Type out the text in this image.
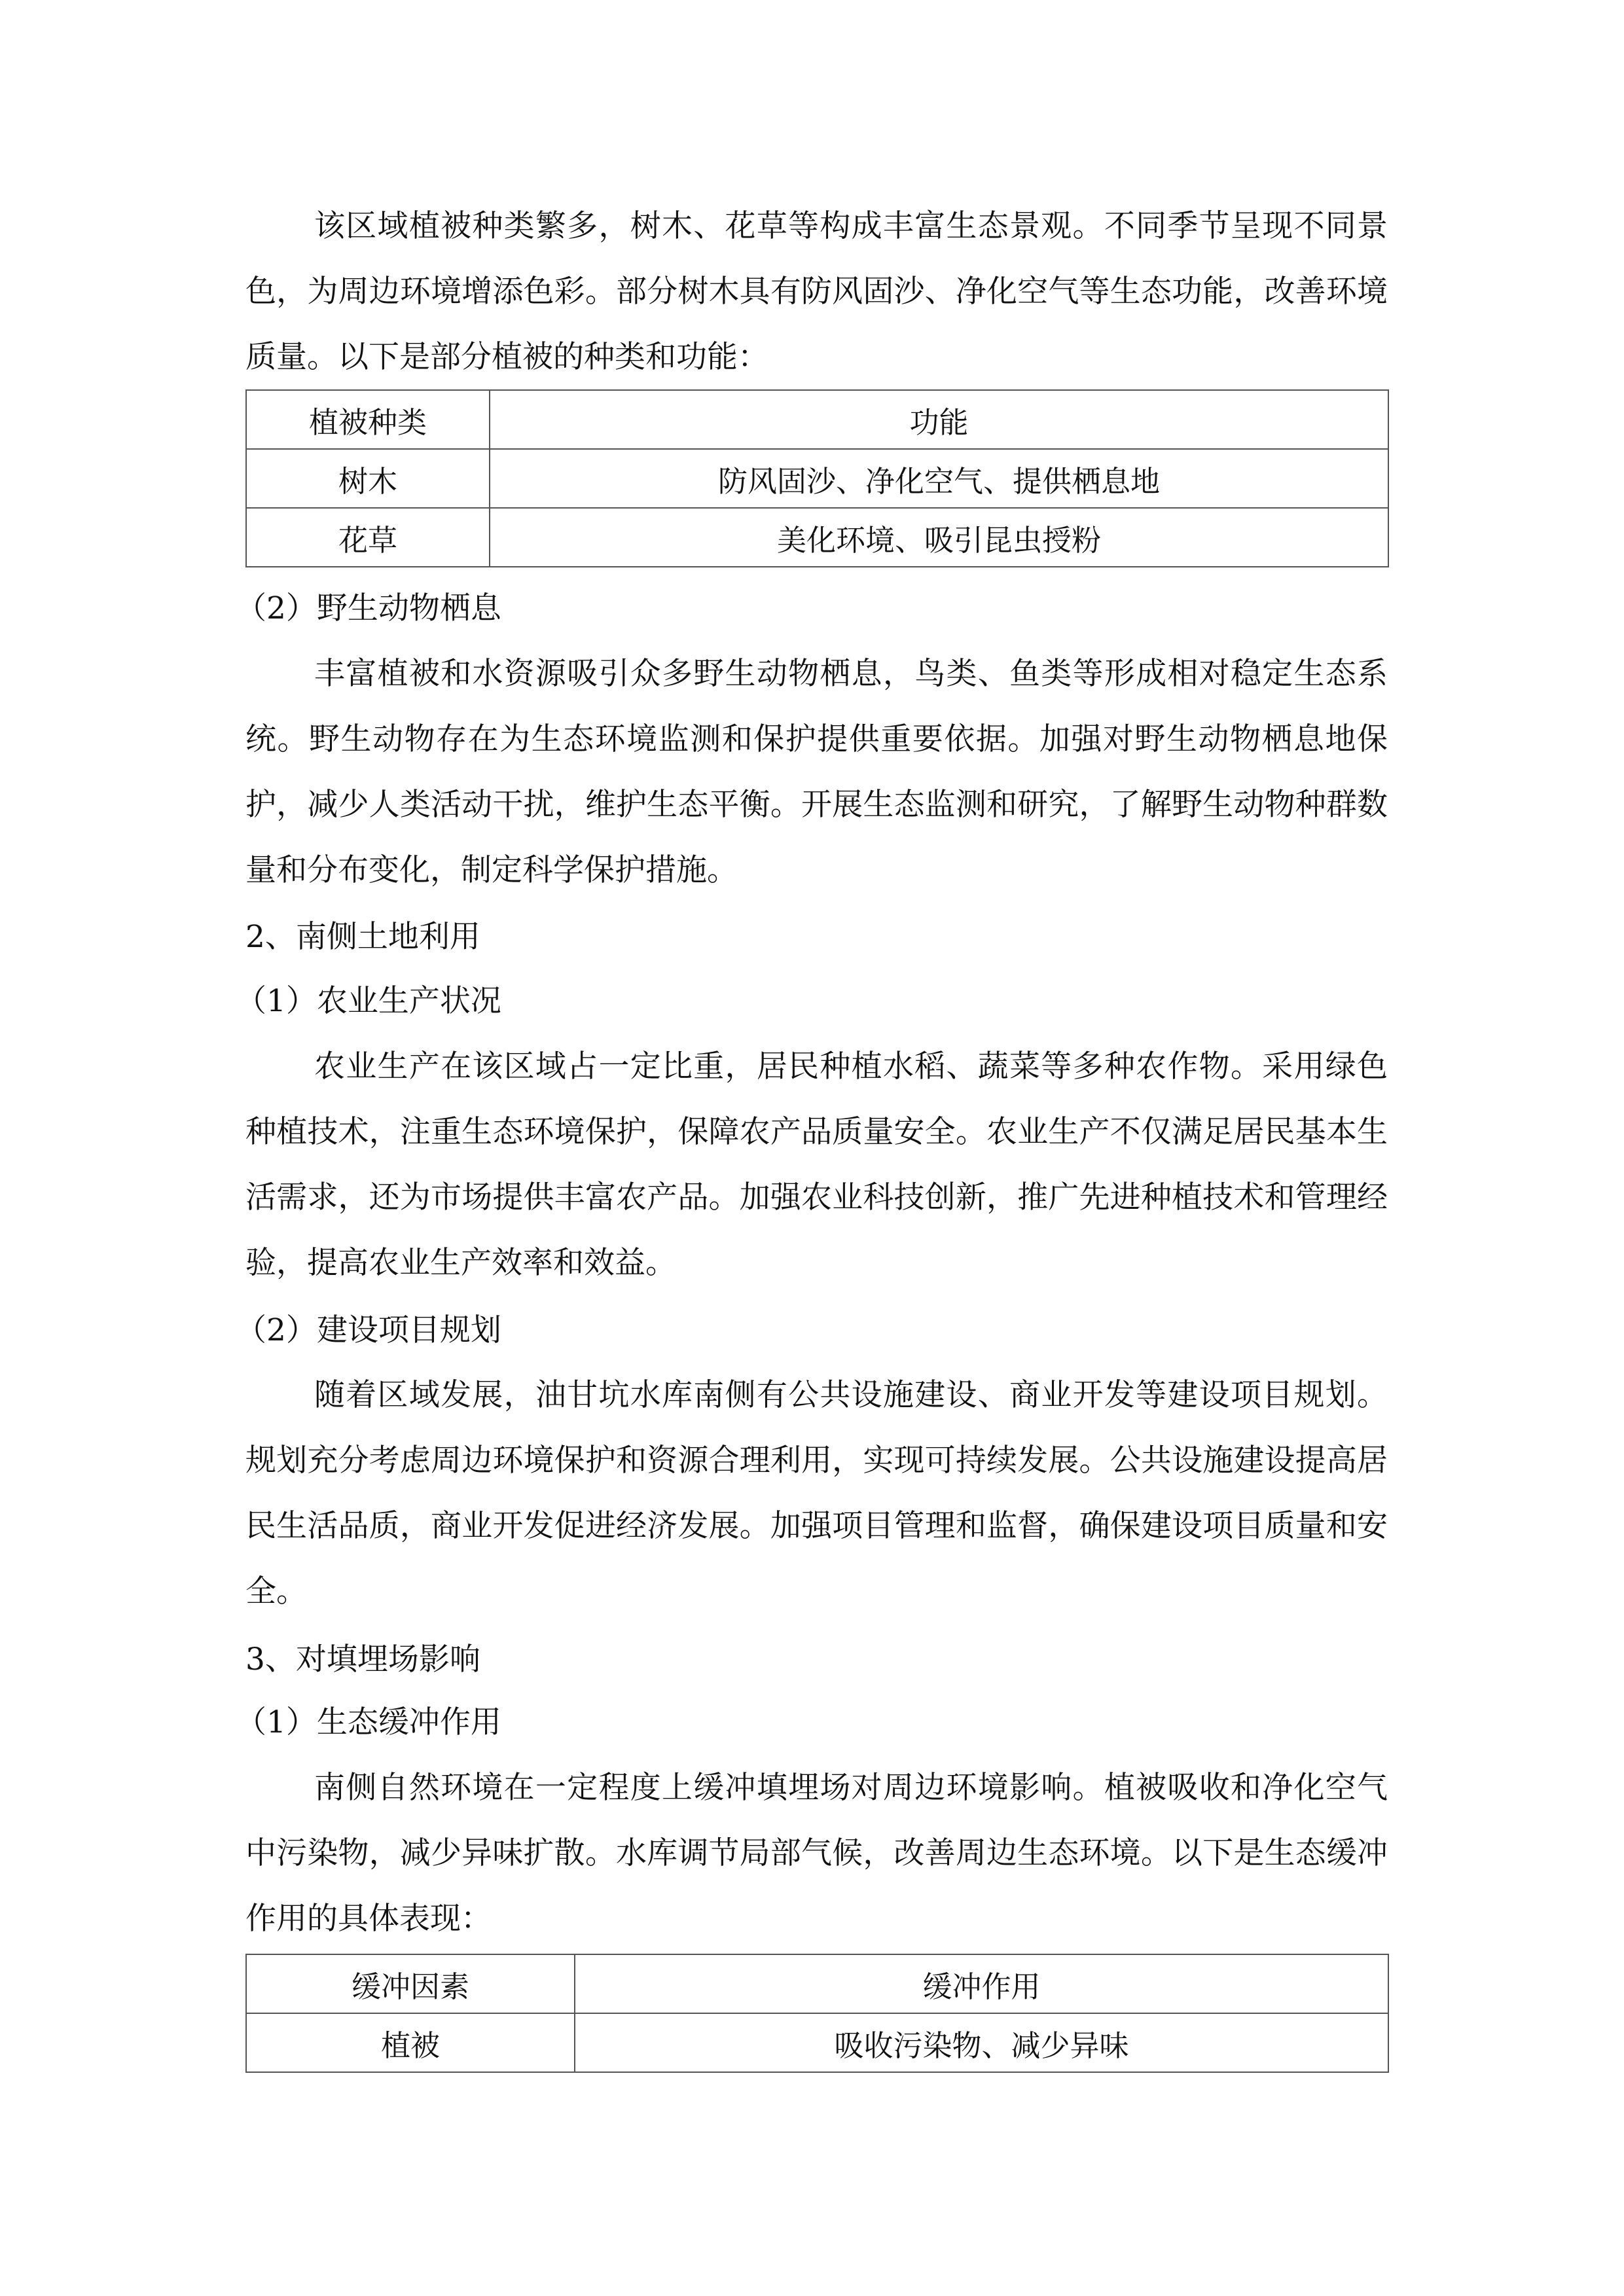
该区域植被种类繁多，树木、花草等构成丰富生态景观。不同季节呈现不同景色，为周边环境增添色彩。部分树木具有防风固沙、净化空气等生态功能，改善环境质量。以下是部分植被的种类和功能：

植被种类	功能
树木	防风固沙、净化空气、提供栖息地
花草	美化环境、吸引昆虫授粉
（2）野生动物栖息

丰富植被和水资源吸引众多野生动物栖息，鸟类、鱼类等形成相对稳定生态系统。野生动物存在为生态环境监测和保护提供重要依据。加强对野生动物栖息地保护，减少人类活动干扰，维护生态平衡。开展生态监测和研究，了解野生动物种群数量和分布变化，制定科学保护措施。

2、南侧土地利用
（1）农业生产状况

农业生产在该区域占一定比重，居民种植水稻、蔬菜等多种农作物。采用绿色种植技术，注重生态环境保护，保障农产品质量安全。农业生产不仅满足居民基本生活需求，还为市场提供丰富农产品。加强农业科技创新，推广先进种植技术和管理经验，提高农业生产效率和效益。

（2）建设项目规划

随着区域发展，油甘坑水库南侧有公共设施建设、商业开发等建设项目规划。规划充分考虑周边环境保护和资源合理利用，实现可持续发展。公共设施建设提高居民生活品质，商业开发促进经济发展。加强项目管理和监督，确保建设项目质量和安全。

3、对填埋场影响
（1）生态缓冲作用

南侧自然环境在一定程度上缓冲填埋场对周边环境影响。植被吸收和净化空气中污染物，减少异味扩散。水库调节局部气候，改善周边生态环境。以下是生态缓冲作用的具体表现：

缓冲因素	缓冲作用
植被	吸收污染物、减少异味
